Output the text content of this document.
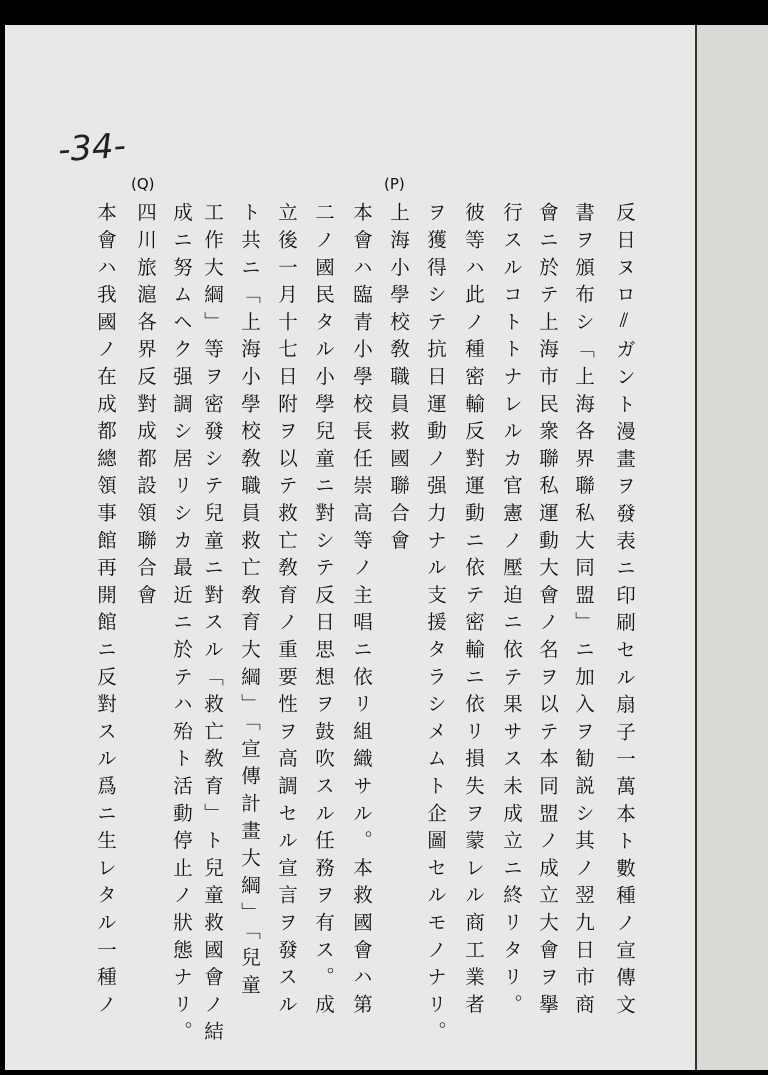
-34-
(P)
(Q)
反日ヌロ⫽ガント漫畫ヲ發表ニ印刷セル扇子一萬本ト數種ノ宣傳文
書ヲ頒布シ「上海各界聯私大同盟」ニ加入ヲ勧説シ其ノ翌九日市商
會ニ於テ上海市民衆聯私運動大會ノ名ヲ以テ本同盟ノ成立大會ヲ擧
行スルコトトナレルカ官憲ノ壓迫ニ依テ果サス未成立ニ終リタリ。
彼等ハ此ノ種密輸反對運動ニ依テ密輸ニ依リ損失ヲ蒙レル商工業者
ヲ獲得シテ抗日運動ノ强力ナル支援タラシメムト企圖セルモノナリ。
上海小學校敎職員救國聯合會
本會ハ臨青小學校長任崇高等ノ主唱ニ依リ組織サル。本救國會ハ第
二ノ國民タル小學兒童ニ對シテ反日思想ヲ鼓吹スル任務ヲ有ス。成
立後一月十七日附ヲ以テ救亡敎育ノ重要性ヲ高調セル宣言ヲ發スル
ト共ニ「上海小學校敎職員救亡敎育大綱」「宣傳計畫大綱」「兒童
工作大綱」等ヲ密發シテ兒童ニ對スル「救亡敎育」ト兒童救國會ノ結
成ニ努ムヘク强調シ居リシカ最近ニ於テハ殆ト活動停止ノ狀態ナリ。
四川旅滬各界反對成都設領聯合會
本會ハ我國ノ在成都總領事館再開館ニ反對スル爲ニ生レタル一種ノ
